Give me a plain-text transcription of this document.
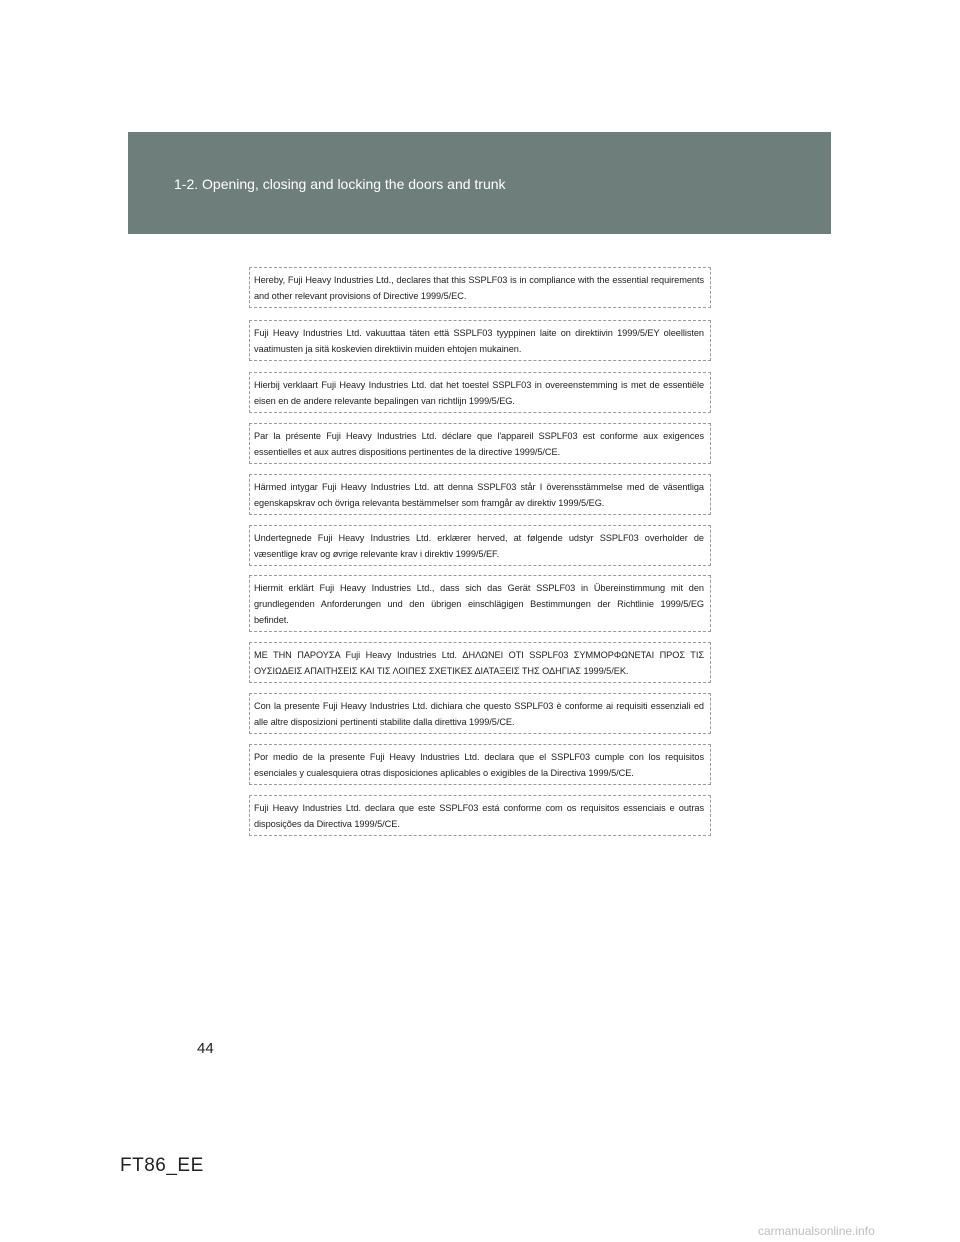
1-2. Opening, closing and locking the doors and trunk
Hereby, Fuji Heavy Industries Ltd., declares that this SSPLF03 is in compliance with the essential requirements and other relevant provisions of Directive 1999/5/EC.
Fuji Heavy Industries Ltd. vakuuttaa täten että SSPLF03 tyyppinen laite on direktiivin 1999/5/EY oleellisten vaatimusten ja sitä koskevien direktiivin muiden ehtojen mukainen.
Hierbij verklaart Fuji Heavy Industries Ltd. dat het toestel SSPLF03 in overeenstemming is met de essentiële eisen en de andere relevante bepalingen van richtlijn 1999/5/EG.
Par la présente Fuji Heavy Industries Ltd. déclare que l'appareil SSPLF03 est conforme aux exigences essentielles et aux autres dispositions pertinentes de la directive 1999/5/CE.
Härmed intygar Fuji Heavy Industries Ltd. att denna SSPLF03 står I överensstämmelse med de väsentliga egenskapskrav och övriga relevanta bestämmelser som framgår av direktiv 1999/5/EG.
Undertegnede Fuji Heavy Industries Ltd. erklærer herved, at følgende udstyr SSPLF03 overholder de væsentlige krav og øvrige relevante krav i direktiv 1999/5/EF.
Hiermit erklärt Fuji Heavy Industries Ltd., dass sich das Gerät SSPLF03 in Übereinstimmung mit den grundlegenden Anforderungen und den übrigen einschlägigen Bestimmungen der Richtlinie 1999/5/EG befindet.
ΜΕ ΤΗΝ ΠΑΡΟΥΣΑ Fuji Heavy Industries Ltd. ΔΗΛΩΝΕΙ ΟΤΙ SSPLF03 ΣΥΜΜΟΡΦΩΝΕΤΑΙ ΠΡΟΣ ΤΙΣ ΟΥΣΙΩΔΕΙΣ ΑΠΑΙΤΗΣΕΙΣ ΚΑΙ ΤΙΣ ΛΟΙΠΕΣ ΣΧΕΤΙΚΕΣ ΔΙΑΤΑΞΕΙΣ ΤΗΣ ΟΔΗΓΙΑΣ 1999/5/ΕΚ.
Con la presente Fuji Heavy Industries Ltd. dichiara che questo SSPLF03 è conforme ai requisiti essenziali ed alle altre disposizioni pertinenti stabilite dalla direttiva 1999/5/CE.
Por medio de la presente Fuji Heavy Industries Ltd. declara que el SSPLF03 cumple con los requisitos esenciales y cualesquiera otras disposiciones aplicables o exigibles de la Directiva 1999/5/CE.
Fuji Heavy Industries Ltd. declara que este SSPLF03 está conforme com os requisitos essenciais e outras disposições da Directiva 1999/5/CE.
44
FT86_EE
carmanualsonline.info
